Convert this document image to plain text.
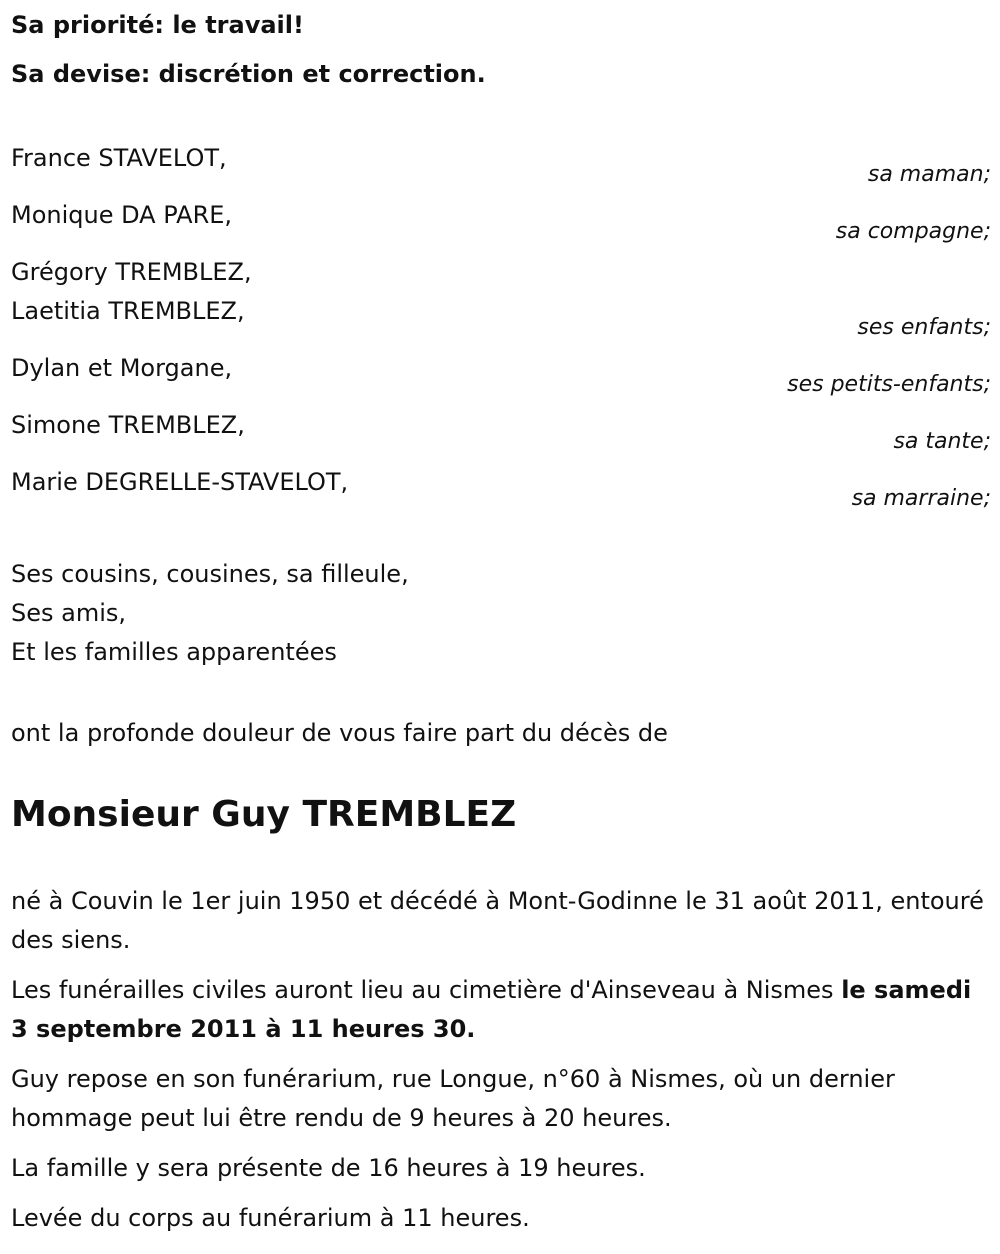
Sa priorité: le travail!

Sa devise: discrétion et correction.

France STAVELOT,
sa maman;
Monique DA PARE,
sa compagne;
Grégory TREMBLEZ,
Laetitia TREMBLEZ,
ses enfants;
Dylan et Morgane,
ses petits-enfants;
Simone TREMBLEZ,
sa tante;
Marie DEGRELLE-STAVELOT,
sa marraine;
Ses cousins, cousines, sa filleule,
Ses amis,
Et les familles apparentées

ont la profonde douleur de vous faire part du décès de

Monsieur Guy TREMBLEZ

né à Couvin le 1er juin 1950 et décédé à Mont-Godinne le 31 août 2011, entouré des siens.

Les funérailles civiles auront lieu au cimetière d'Ainseveau à Nismes le samedi 3 septembre 2011 à 11 heures 30.

Guy repose en son funérarium, rue Longue, n°60 à Nismes, où un dernier hommage peut lui être rendu de 9 heures à 20 heures.

La famille y sera présente de 16 heures à 19 heures.

Levée du corps au funérarium à 11 heures.
